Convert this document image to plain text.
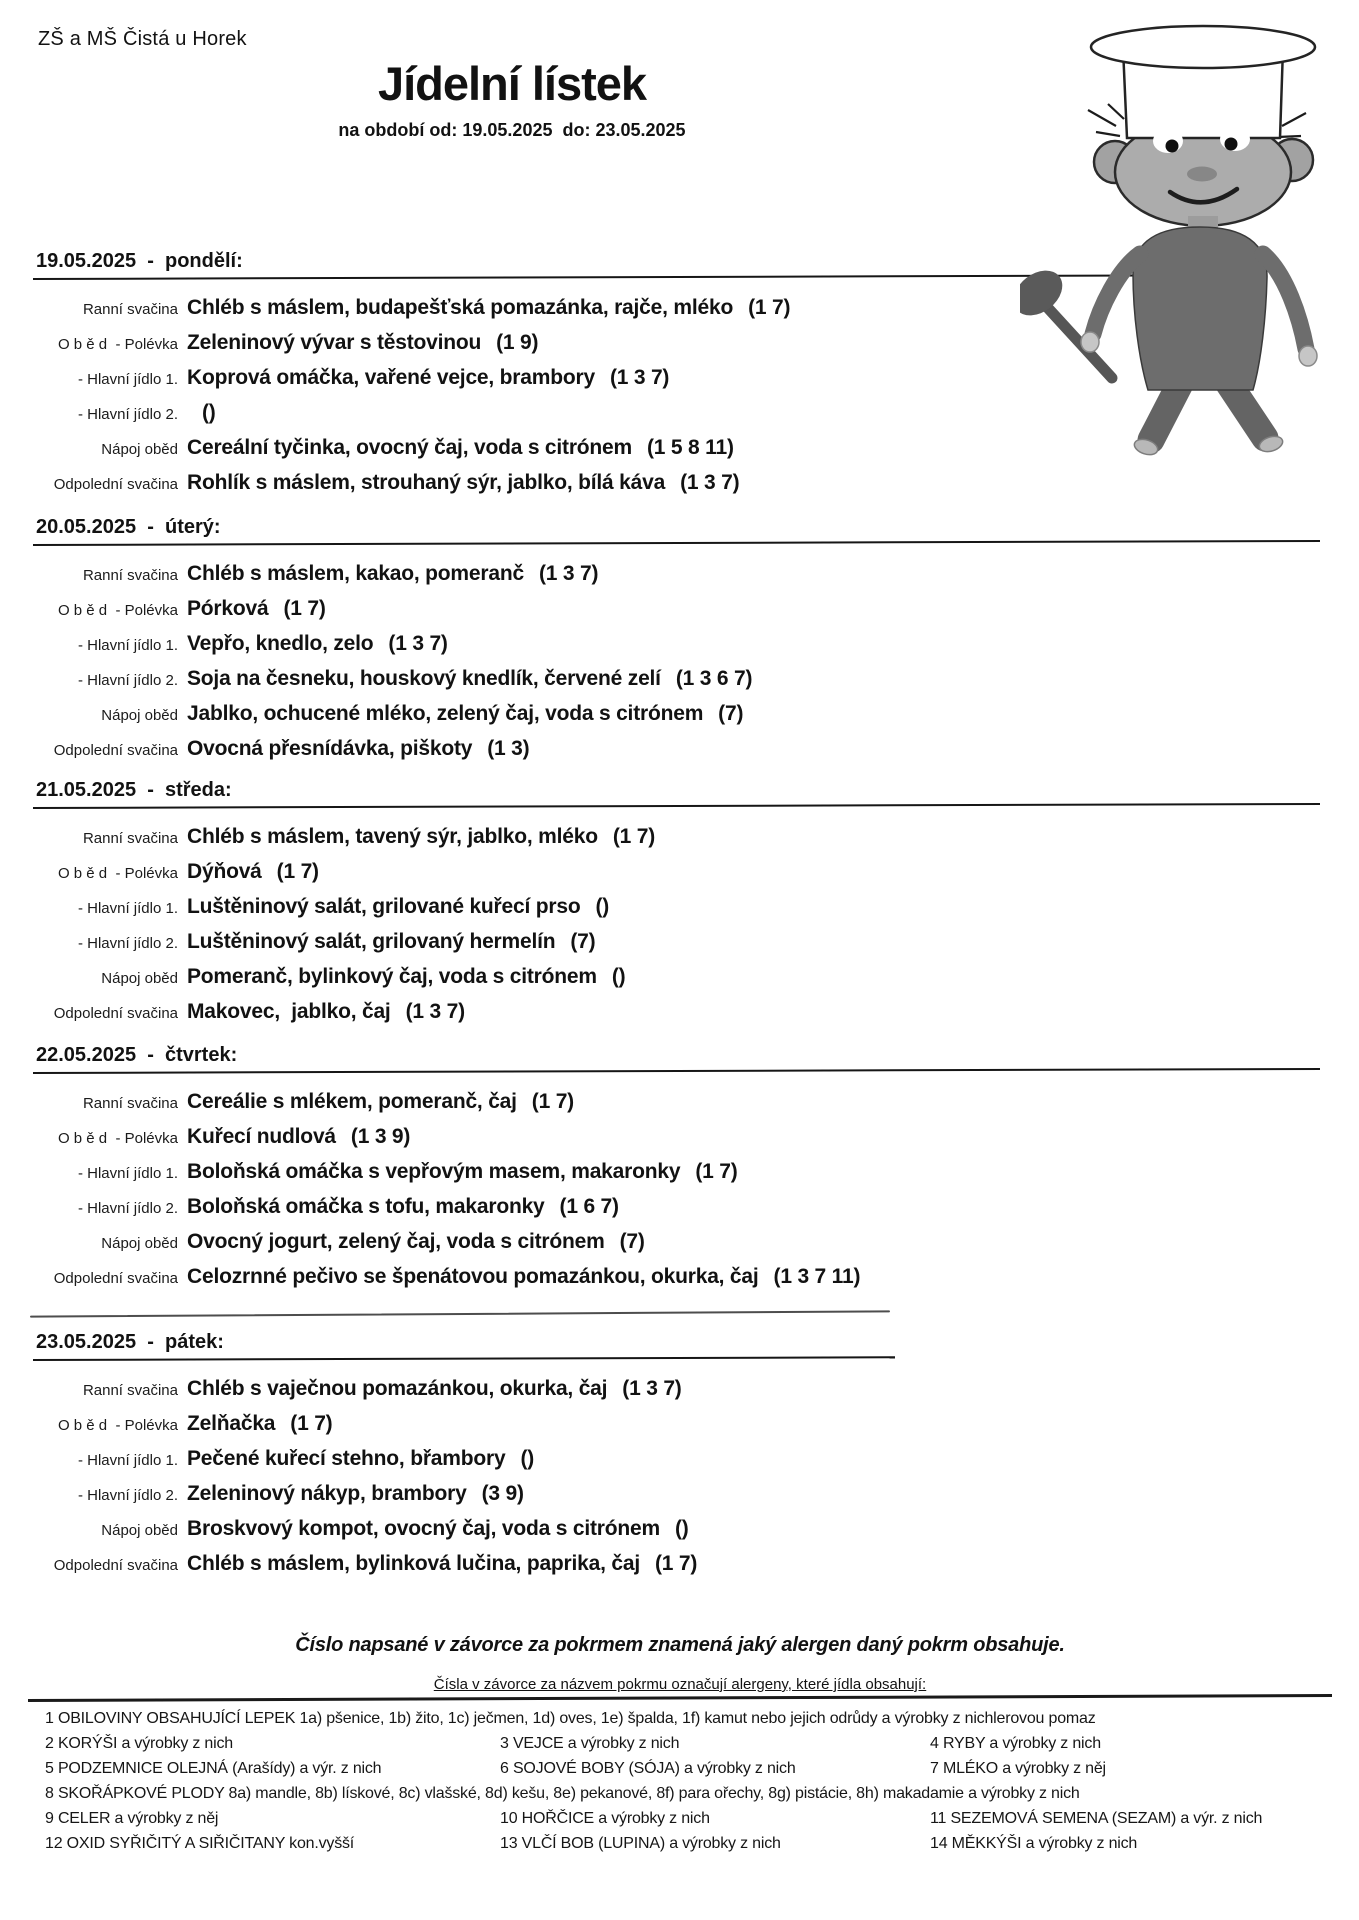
ZŠ a MŠ Čistá u Horek
Jídelní lístek
na období od: 19.05.2025  do: 23.05.2025
19.05.2025  -  pondělí:
Ranní svačina Chléb s máslem, budapešťská pomazánka, rajče, mléko (1 7)
O b ě d  - Polévka Zeleninový vývar s těstovinou (1 9)
- Hlavní jídlo 1. Koprová omáčka, vařené vejce, brambory (1 3 7)
- Hlavní jídlo 2. ()
Nápoj oběd Cereální tyčinka, ovocný čaj, voda s citrónem (1 5 8 11)
Odpolední svačina Rohlík s máslem, strouhaný sýr, jablko, bílá káva (1 3 7)
20.05.2025  -  úterý:
Ranní svačina Chléb s máslem, kakao, pomeranč (1 3 7)
O b ě d  - Polévka Pórková (1 7)
- Hlavní jídlo 1. Vepřo, knedlo, zelo (1 3 7)
- Hlavní jídlo 2. Soja na česneku, houskový knedlík, červené zelí (1 3 6 7)
Nápoj oběd Jablko, ochucené mléko, zelený čaj, voda s citrónem (7)
Odpolední svačina Ovocná přesnídávka, piškoty (1 3)
21.05.2025  -  středa:
Ranní svačina Chléb s máslem, tavený sýr, jablko, mléko (1 7)
O b ě d  - Polévka Dýňová (1 7)
- Hlavní jídlo 1. Luštěninový salát, grilované kuřecí prso ()
- Hlavní jídlo 2. Luštěninový salát, grilovaný hermelín (7)
Nápoj oběd Pomeranč, bylinkový čaj, voda s citrónem ()
Odpolední svačina Makovec,  jablko, čaj (1 3 7)
22.05.2025  -  čtvrtek:
Ranní svačina Cereálie s mlékem, pomeranč, čaj (1 7)
O b ě d  - Polévka Kuřecí nudlová (1 3 9)
- Hlavní jídlo 1. Boloňská omáčka s vepřovým masem, makaronky (1 7)
- Hlavní jídlo 2. Boloňská omáčka s tofu, makaronky (1 6 7)
Nápoj oběd Ovocný jogurt, zelený čaj, voda s citrónem (7)
Odpolední svačina Celozrnné pečivo se špenátovou pomazánkou, okurka, čaj (1 3 7 11)
23.05.2025  -  pátek:
Ranní svačina Chléb s vaječnou pomazánkou, okurka, čaj (1 3 7)
O b ě d  - Polévka Zelňačka (1 7)
- Hlavní jídlo 1. Pečené kuřecí stehno, břambory ()
- Hlavní jídlo 2. Zeleninový nákyp, brambory (3 9)
Nápoj oběd Broskvový kompot, ovocný čaj, voda s citrónem ()
Odpolední svačina Chléb s máslem, bylinková lučina, paprika, čaj (1 7)
Číslo napsané v závorce za pokrmem znamená jaký alergen daný pokrm obsahuje.
Čísla v závorce za názvem pokrmu označují alergeny, které jídla obsahují:
1 OBILOVINY OBSAHUJÍCÍ LEPEK 1a) pšenice, 1b) žito, 1c) ječmen, 1d) oves, 1e) špalda, 1f) kamut nebo jejich odrůdy a výrobky z nichlerovou pomaz
2 KORÝŠI a výrobky z nich	3 VEJCE a výrobky z nich	4 RYBY a výrobky z nich
5 PODZEMNICE OLEJNÁ (Arašídy) a výr. z nich	6 SOJOVÉ BOBY (SÓJA) a výrobky z nich	7 MLÉKO a výrobky z něj
8 SKOŘÁPKOVÉ PLODY 8a) mandle, 8b) lískové, 8c) vlašské, 8d) kešu, 8e) pekanové, 8f) para ořechy, 8g) pistácie, 8h) makadamie a výrobky z nich
9 CELER a výrobky z něj	10 HOŘČICE a výrobky z nich	11 SEZEMOVÁ SEMENA (SEZAM) a výr. z nich
12 OXID SYŘIČITÝ A SIŘIČITANY kon.vyšší	13 VLČÍ BOB (LUPINA) a výrobky z nich	14 MĚKKÝŠI a výrobky z nich
